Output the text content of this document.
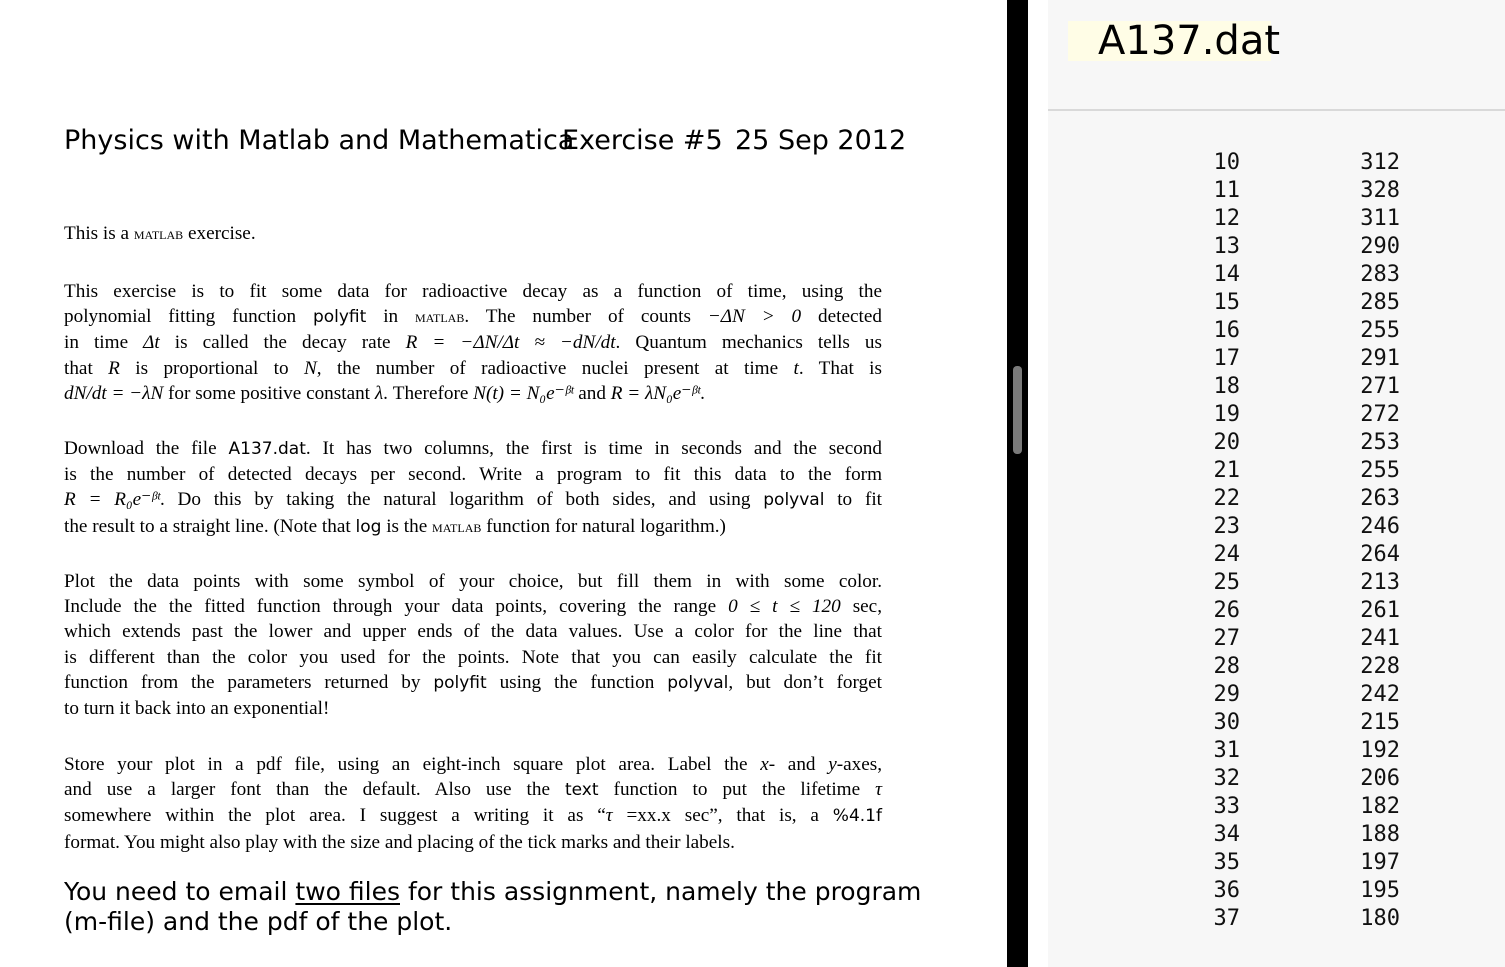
Physics with Matlab and Mathematica
Exercise #5 25 Sep 2012

This is a matlab exercise.

This exercise is to fit some data for radioactive decay as a function of time, using the
polynomial fitting function polyfit in matlab. The number of counts −ΔN > 0 detected
in time Δt is called the decay rate R = −ΔN/Δt ≈ −dN/dt. Quantum mechanics tells us
that R is proportional to N, the number of radioactive nuclei present at time t. That is
dN/dt = −λN for some positive constant λ. Therefore N(t) = N₀e⁻ᵝᵗ and R = λN₀e⁻ᵝᵗ.

Download the file A137.dat. It has two columns, the first is time in seconds and the second
is the number of detected decays per second. Write a program to fit this data to the form
R = R₀e⁻ᵝᵗ. Do this by taking the natural logarithm of both sides, and using polyval to fit
the result to a straight line. (Note that log is the matlab function for natural logarithm.)

Plot the data points with some symbol of your choice, but fill them in with some color.
Include the the fitted function through your data points, covering the range 0 ≤ t ≤ 120 sec,
which extends past the lower and upper ends of the data values. Use a color for the line that
is different than the color you used for the points. Note that you can easily calculate the fit
function from the parameters returned by polyfit using the function polyval, but don’t forget
to turn it back into an exponential!

Store your plot in a pdf file, using an eight-inch square plot area. Label the x- and y-axes,
and use a larger font than the default. Also use the text function to put the lifetime τ
somewhere within the plot area. I suggest a writing it as “τ =xx.x sec”, that is, a %4.1f
format. You might also play with the size and placing of the tick marks and their labels.

You need to email two files for this assignment, namely the program
(m-file) and the pdf of the plot.

A137.dat
10	312
11	328
12	311
13	290
14	283
15	285
16	255
17	291
18	271
19	272
20	253
21	255
22	263
23	246
24	264
25	213
26	261
27	241
28	228
29	242
30	215
31	192
32	206
33	182
34	188
35	197
36	195
37	180
